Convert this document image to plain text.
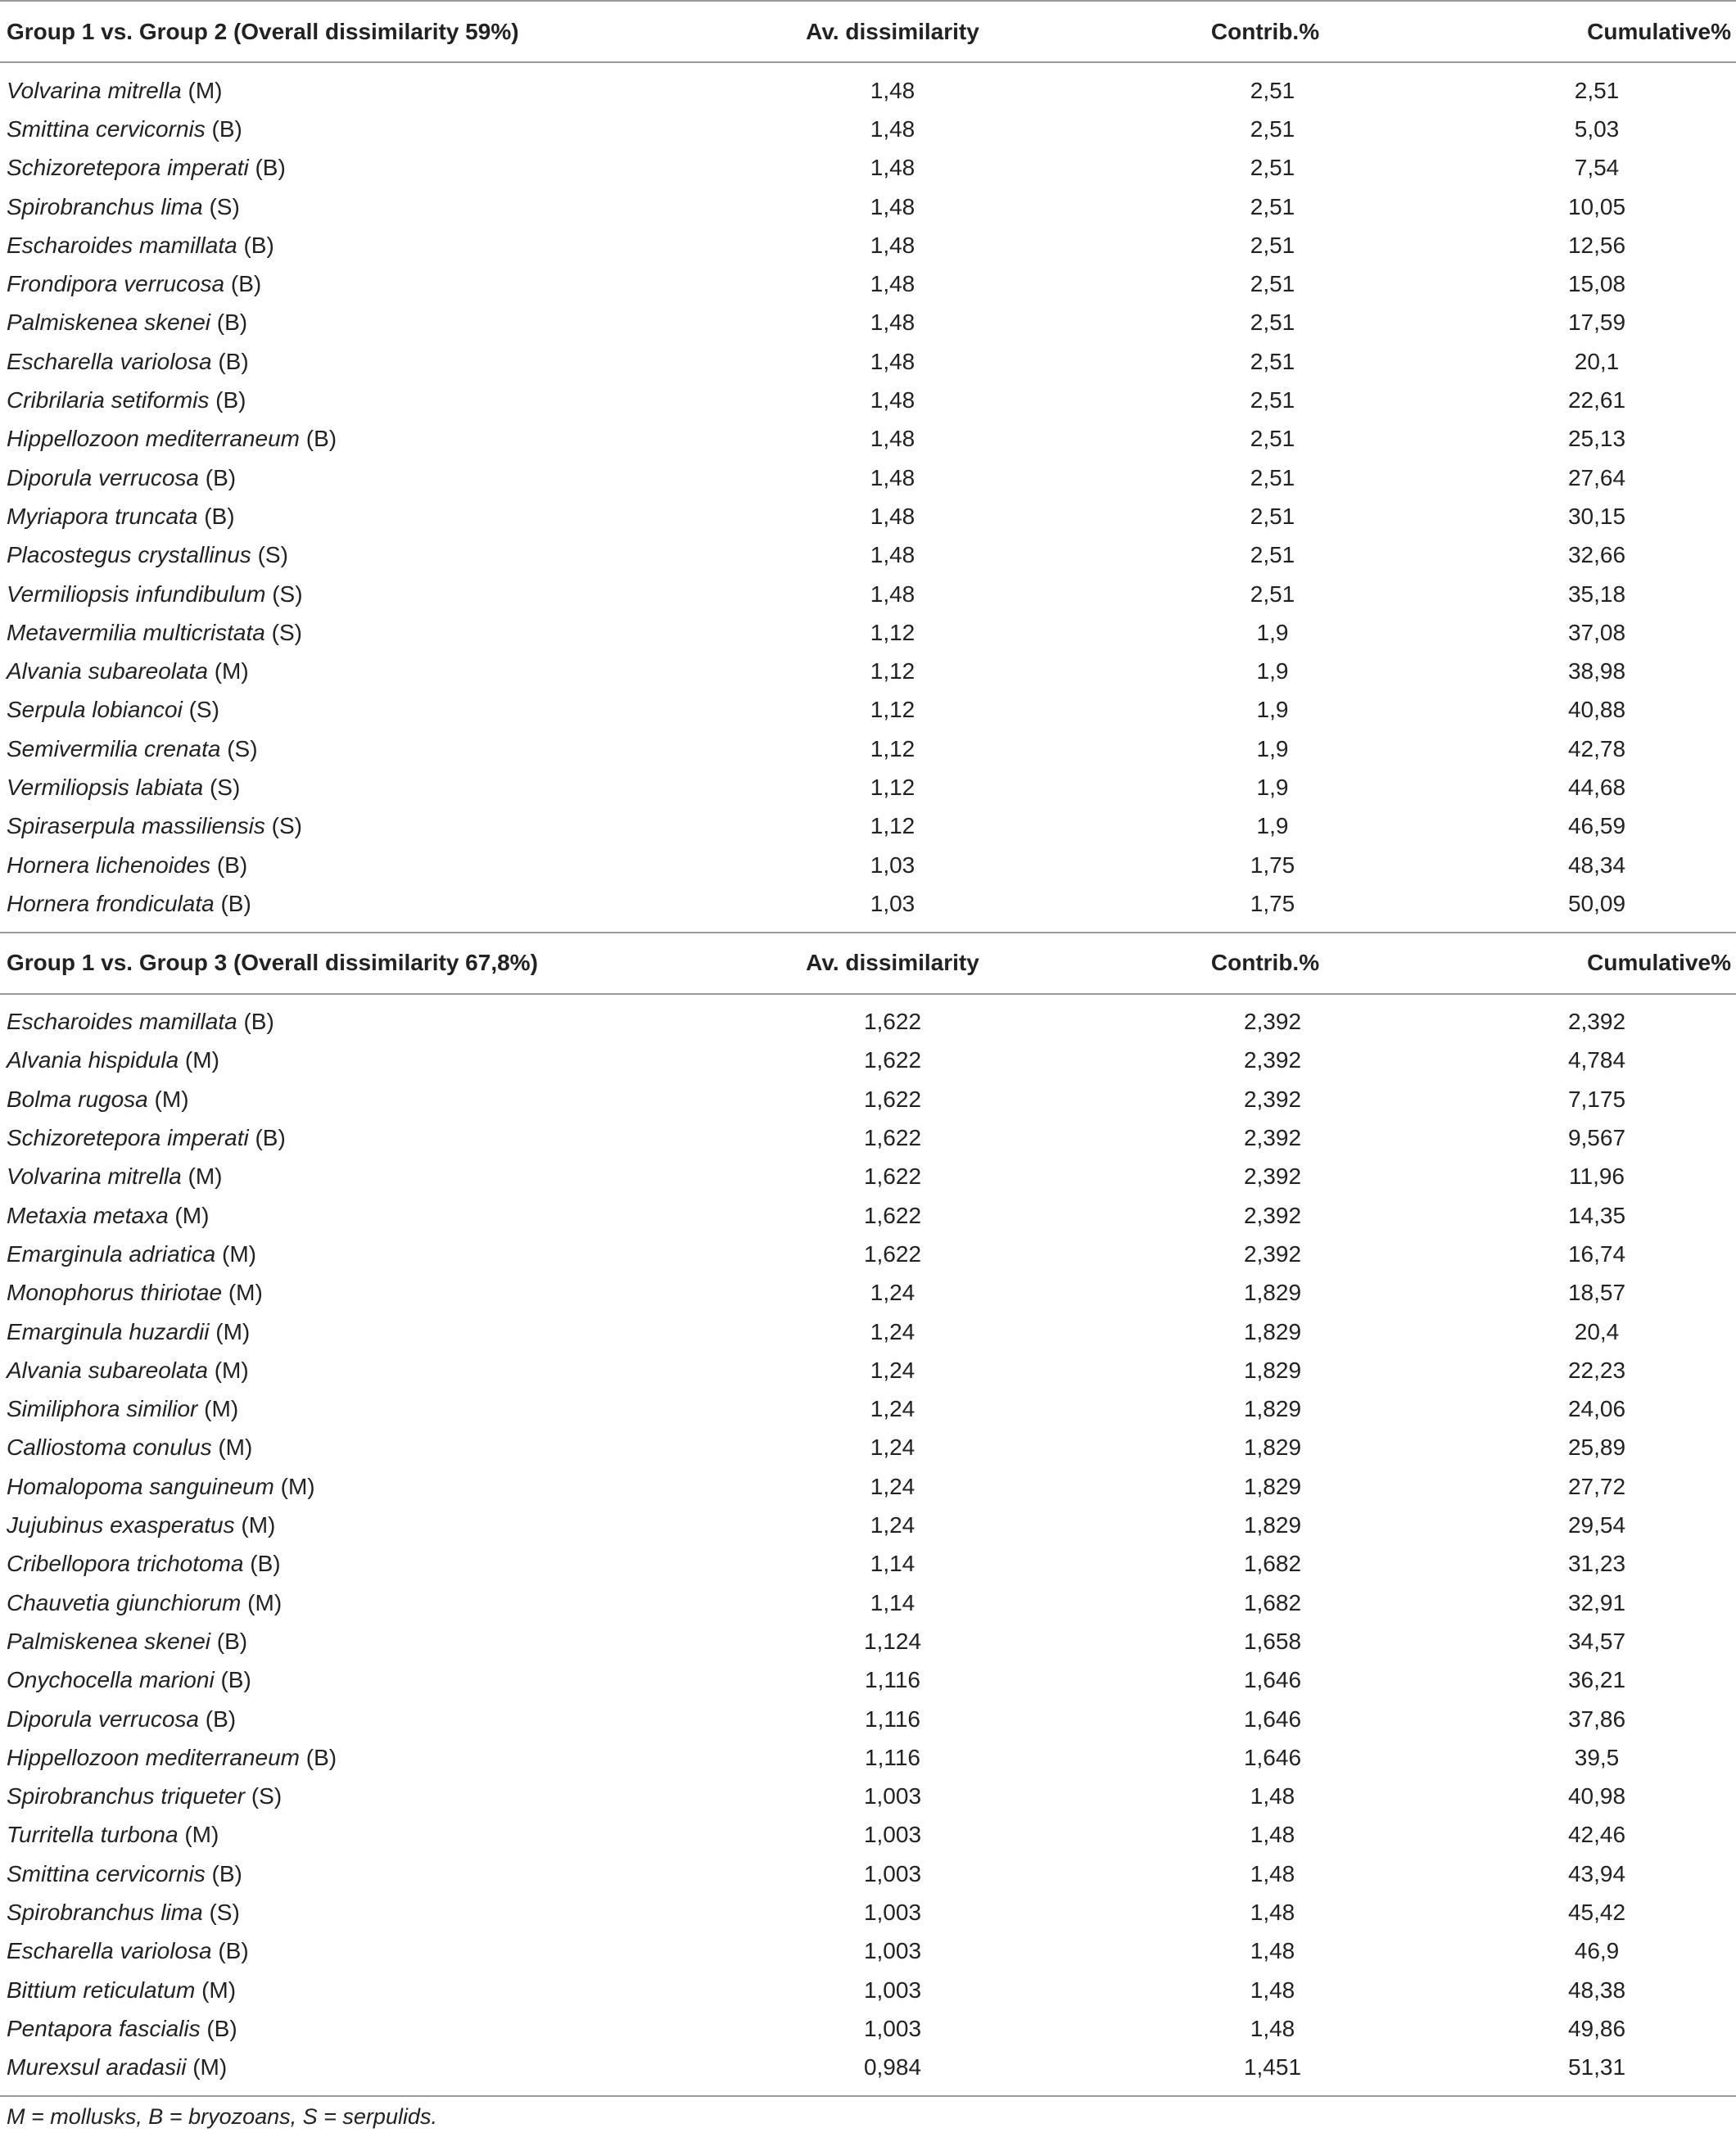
Group 1 vs. Group 2 (Overall dissimilarity 59%)	Av. dissimilarity	Contrib.%	Cumulative%

Volvarina mitrella (M)	1,48	2,51	2,51
Smittina cervicornis (B)	1,48	2,51	5,03
Schizoretepora imperati (B)	1,48	2,51	7,54
Spirobranchus lima (S)	1,48	2,51	10,05
Escharoides mamillata (B)	1,48	2,51	12,56
Frondipora verrucosa (B)	1,48	2,51	15,08
Palmiskenea skenei (B)	1,48	2,51	17,59
Escharella variolosa (B)	1,48	2,51	20,1
Cribrilaria setiformis (B)	1,48	2,51	22,61
Hippellozoon mediterraneum (B)	1,48	2,51	25,13
Diporula verrucosa (B)	1,48	2,51	27,64
Myriapora truncata (B)	1,48	2,51	30,15
Placostegus crystallinus (S)	1,48	2,51	32,66
Vermiliopsis infundibulum (S)	1,48	2,51	35,18
Metavermilia multicristata (S)	1,12	1,9	37,08
Alvania subareolata (M)	1,12	1,9	38,98
Serpula lobiancoi (S)	1,12	1,9	40,88
Semivermilia crenata (S)	1,12	1,9	42,78
Vermiliopsis labiata (S)	1,12	1,9	44,68
Spiraserpula massiliensis (S)	1,12	1,9	46,59
Hornera lichenoides (B)	1,03	1,75	48,34
Hornera frondiculata (B)	1,03	1,75	50,09

Group 1 vs. Group 3 (Overall dissimilarity 67,8%)	Av. dissimilarity	Contrib.%	Cumulative%

Escharoides mamillata (B)	1,622	2,392	2,392
Alvania hispidula (M)	1,622	2,392	4,784
Bolma rugosa (M)	1,622	2,392	7,175
Schizoretepora imperati (B)	1,622	2,392	9,567
Volvarina mitrella (M)	1,622	2,392	11,96
Metaxia metaxa (M)	1,622	2,392	14,35
Emarginula adriatica (M)	1,622	2,392	16,74
Monophorus thiriotae (M)	1,24	1,829	18,57
Emarginula huzardii (M)	1,24	1,829	20,4
Alvania subareolata (M)	1,24	1,829	22,23
Similiphora similior (M)	1,24	1,829	24,06
Calliostoma conulus (M)	1,24	1,829	25,89
Homalopoma sanguineum (M)	1,24	1,829	27,72
Jujubinus exasperatus (M)	1,24	1,829	29,54
Cribellopora trichotoma (B)	1,14	1,682	31,23
Chauvetia giunchiorum (M)	1,14	1,682	32,91
Palmiskenea skenei (B)	1,124	1,658	34,57
Onychocella marioni (B)	1,116	1,646	36,21
Diporula verrucosa (B)	1,116	1,646	37,86
Hippellozoon mediterraneum (B)	1,116	1,646	39,5
Spirobranchus triqueter (S)	1,003	1,48	40,98
Turritella turbona (M)	1,003	1,48	42,46
Smittina cervicornis (B)	1,003	1,48	43,94
Spirobranchus lima (S)	1,003	1,48	45,42
Escharella variolosa (B)	1,003	1,48	46,9
Bittium reticulatum (M)	1,003	1,48	48,38
Pentapora fascialis (B)	1,003	1,48	49,86
Murexsul aradasii (M)	0,984	1,451	51,31

M = mollusks, B = bryozoans, S = serpulids.
